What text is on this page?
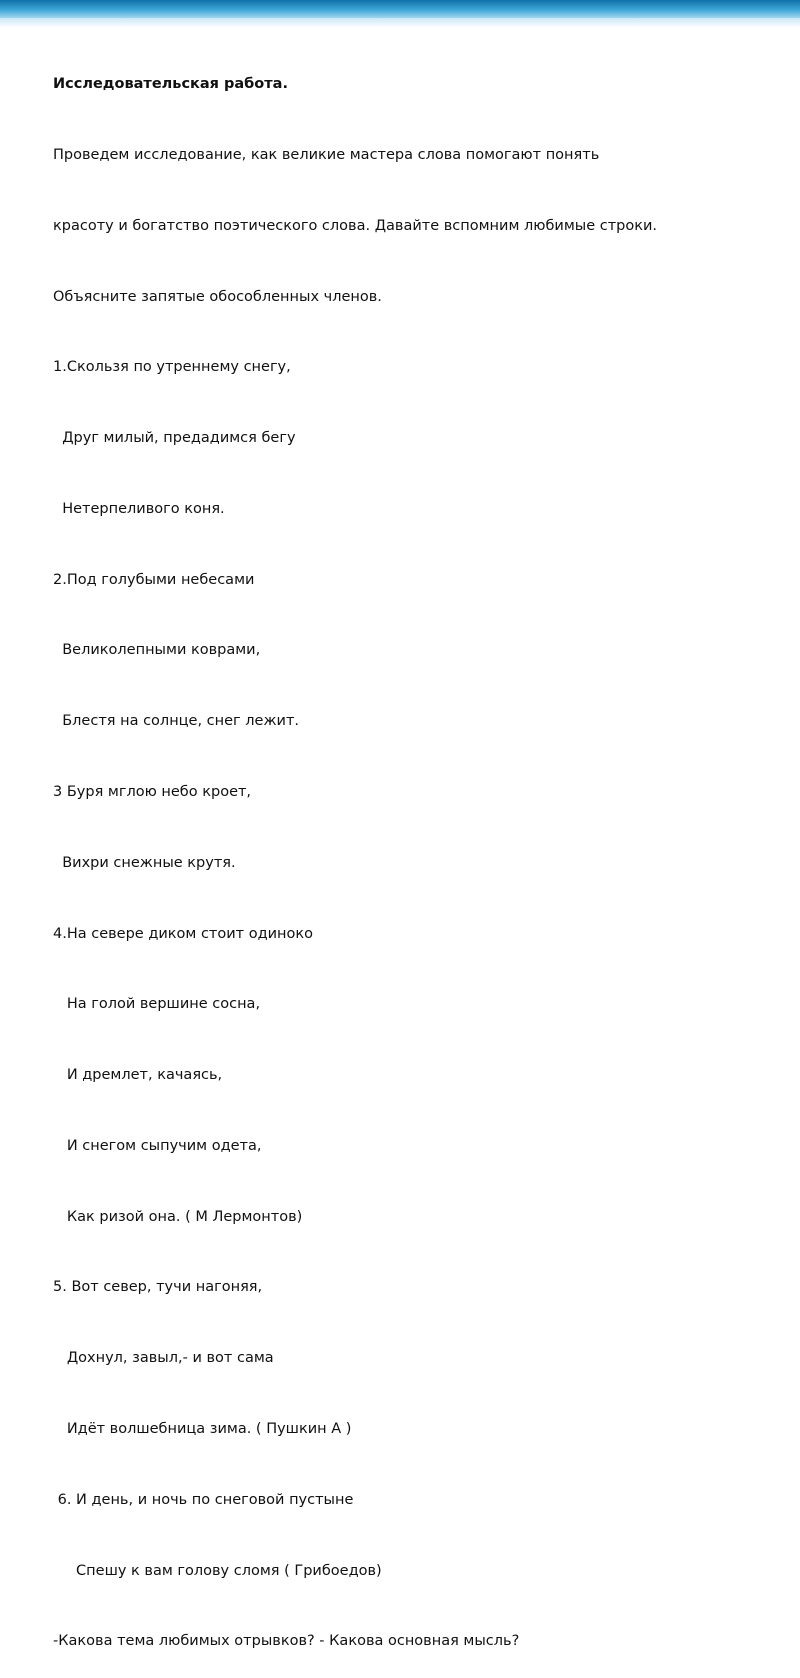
Исследовательская работа.

Проведем исследование, как великие мастера слова помогают понять

красоту и богатство поэтического слова. Давайте вспомним любимые строки.

Объясните запятые обособленных членов.

1.Скользя по утреннему снегу,

Друг милый, предадимся бегу

Нетерпеливого коня.

2.Под голубыми небесами

Великолепными коврами,

Блестя на солнце, снег лежит.

3 Буря мглою небо кроет,

Вихри снежные крутя.

4.На севере диком стоит одиноко

На голой вершине сосна,

И дремлет, качаясь,

И снегом сыпучим одета,

Как ризой она. ( М Лермонтов)

5. Вот север, тучи нагоняя,

Дохнул, завыл,- и вот сама

Идёт волшебница зима. ( Пушкин А )

6. И день, и ночь по снеговой пустыне

Спешу к вам голову сломя ( Грибоедов)

-Какова тема любимых отрывков? - Какова основная мысль?
